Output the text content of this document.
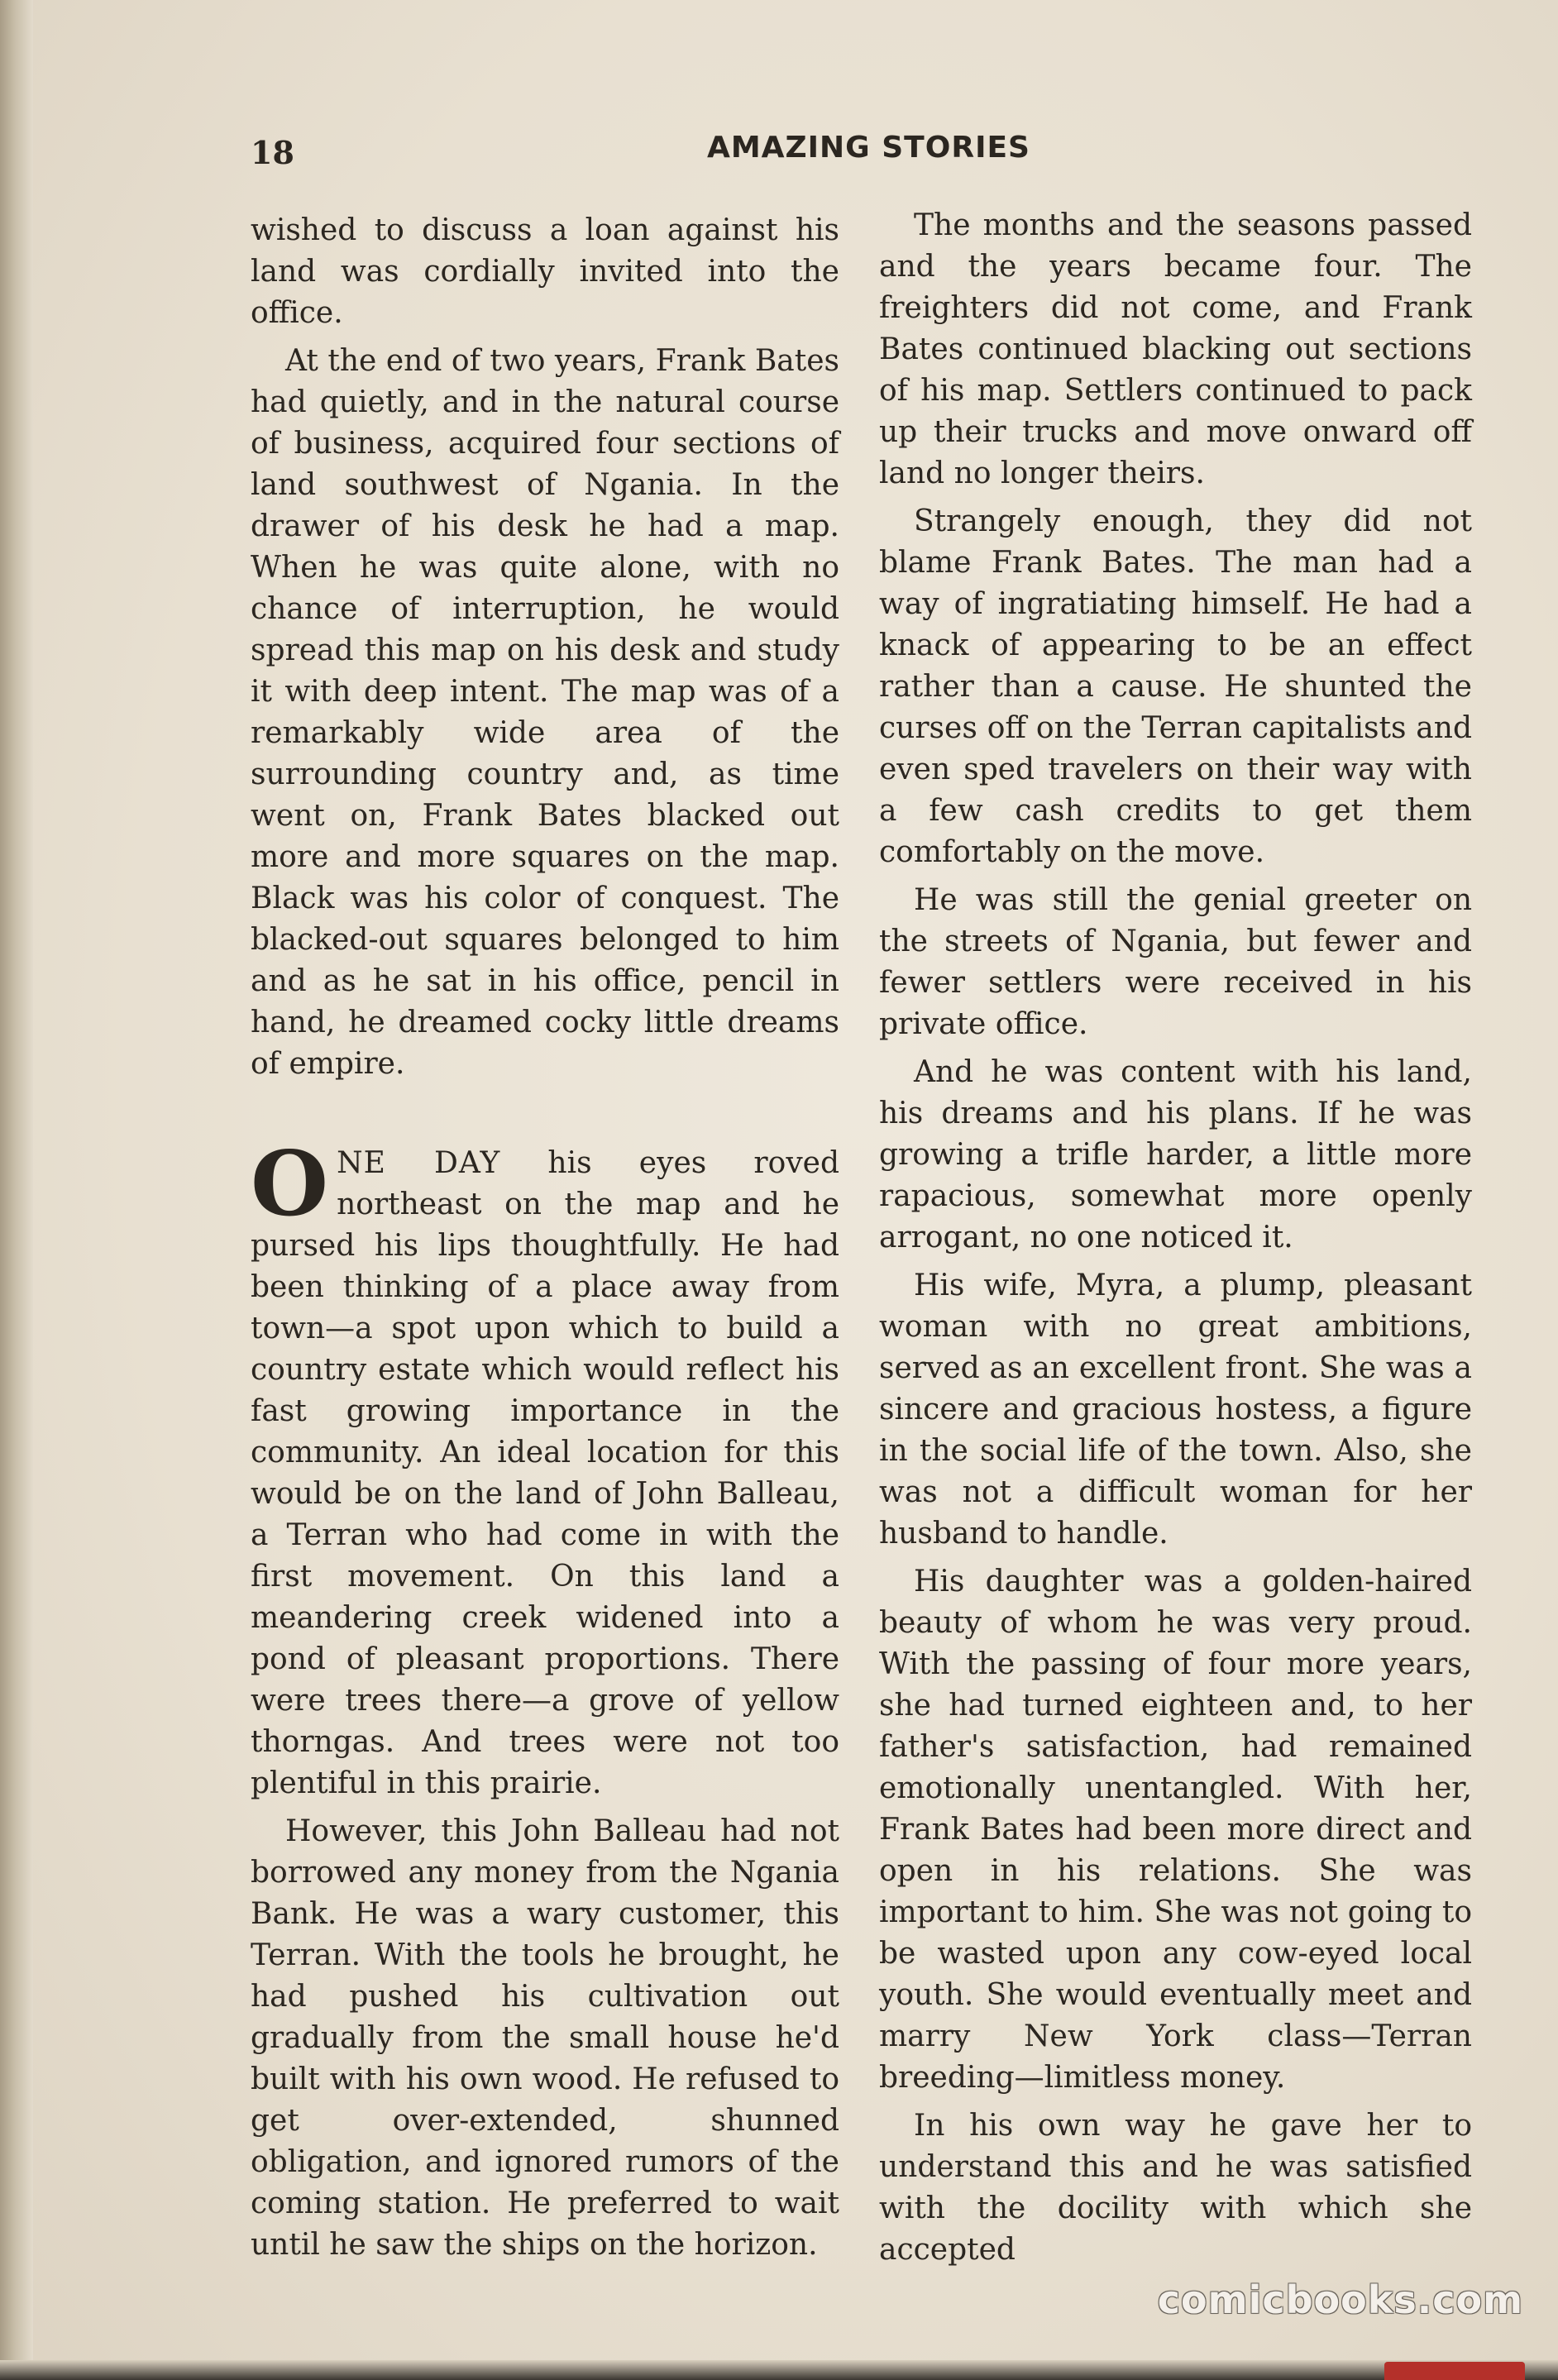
18	AMAZING STORIES

wished to discuss a loan against his land was cordially invited into the office.

At the end of two years, Frank Bates had quietly, and in the natural course of business, acquired four sections of land southwest of Ngania. In the drawer of his desk he had a map. When he was quite alone, with no chance of interruption, he would spread this map on his desk and study it with deep intent. The map was of a remarkably wide area of the surrounding country and, as time went on, Frank Bates blacked out more and more squares on the map. Black was his color of conquest. The blacked-out squares belonged to him and as he sat in his office, pencil in hand, he dreamed cocky little dreams of empire.

ONE DAY his eyes roved northeast on the map and he pursed his lips thoughtfully. He had been thinking of a place away from town—a spot upon which to build a country estate which would reflect his fast growing importance in the community. An ideal location for this would be on the land of John Balleau, a Terran who had come in with the first movement. On this land a meandering creek widened into a pond of pleasant proportions. There were trees there—a grove of yellow thorngas. And trees were not too plentiful in this prairie.

However, this John Balleau had not borrowed any money from the Ngania Bank. He was a wary customer, this Terran. With the tools he brought, he had pushed his cultivation out gradually from the small house he'd built with his own wood. He refused to get over-extended, shunned obligation, and ignored rumors of the coming station. He preferred to wait until he saw the ships on the horizon.

The months and the seasons passed and the years became four. The freighters did not come, and Frank Bates continued blacking out sections of his map. Settlers continued to pack up their trucks and move onward off land no longer theirs.

Strangely enough, they did not blame Frank Bates. The man had a way of ingratiating himself. He had a knack of appearing to be an effect rather than a cause. He shunted the curses off on the Terran capitalists and even sped travelers on their way with a few cash credits to get them comfortably on the move.

He was still the genial greeter on the streets of Ngania, but fewer and fewer settlers were received in his private office.

And he was content with his land, his dreams and his plans. If he was growing a trifle harder, a little more rapacious, somewhat more openly arrogant, no one noticed it.

His wife, Myra, a plump, pleasant woman with no great ambitions, served as an excellent front. She was a sincere and gracious hostess, a figure in the social life of the town. Also, she was not a difficult woman for her husband to handle.

His daughter was a golden-haired beauty of whom he was very proud. With the passing of four more years, she had turned eighteen and, to her father's satisfaction, had remained emotionally unentangled. With her, Frank Bates had been more direct and open in his relations. She was important to him. She was not going to be wasted upon any cow-eyed local youth. She would eventually meet and marry New York class—Terran breeding—limitless money.

In his own way he gave her to understand this and he was satisfied with the docility with which she accepted

comicbooks.com
